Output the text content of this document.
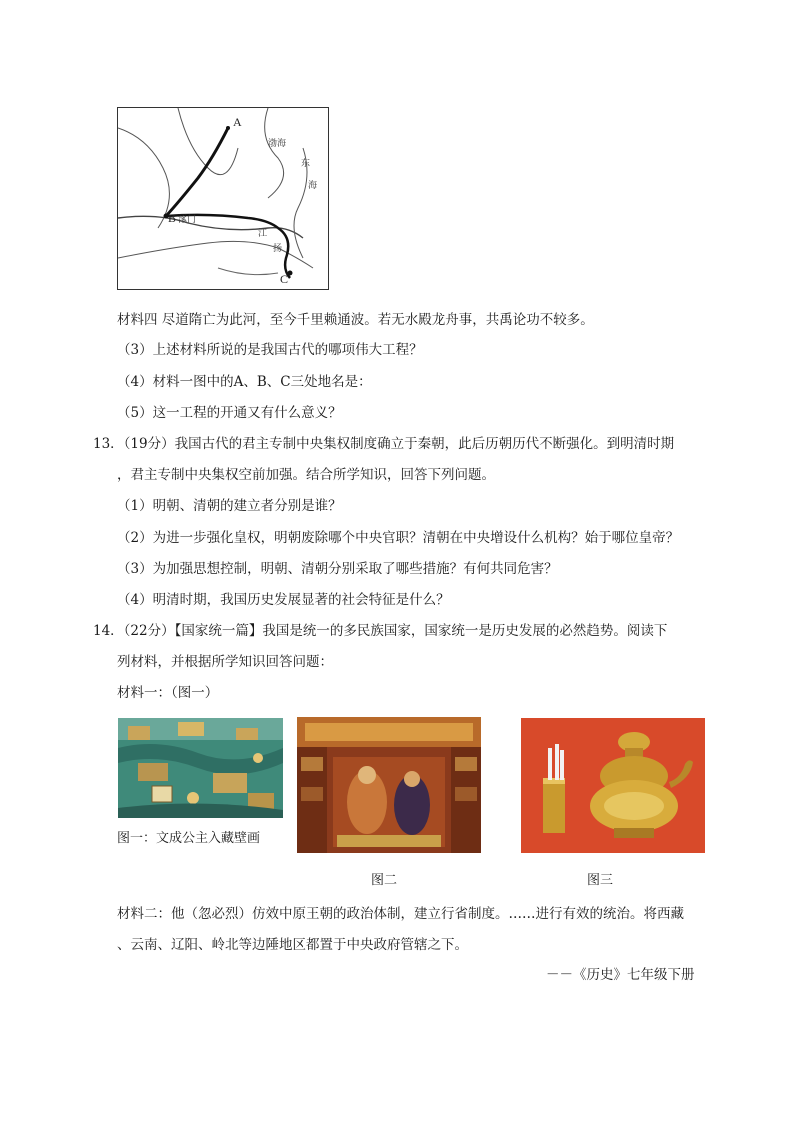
A
渤海
东
海
B 涿门
江
扬
C
材料四 尽道隋亡为此河，至今千里赖通波。若无水殿龙舟事，共禹论功不较多。
（3）上述材料所说的是我国古代的哪项伟大工程？
（4）材料一图中的A、B、C三处地名是：
（5）这一工程的开通又有什么意义？
13．（19分）我国古代的君主专制中央集权制度确立于秦朝，此后历朝历代不断强化。到明清时期
，君主专制中央集权空前加强。结合所学知识，回答下列问题。
（1）明朝、清朝的建立者分别是谁？
（2）为进一步强化皇权，明朝废除哪个中央官职？清朝在中央增设什么机构？始于哪位皇帝？
（3）为加强思想控制，明朝、清朝分别采取了哪些措施？有何共同危害？
（4）明清时期，我国历史发展显著的社会特征是什么？
14．（22分）【国家统一篇】我国是统一的多民族国家，国家统一是历史发展的必然趋势。阅读下
列材料，并根据所学知识回答问题：
材料一：（图一）
图一：文成公主入藏壁画
图二	图三
材料二：他（忽必烈）仿效中原王朝的政治体制，建立行省制度。……进行有效的统治。将西藏
、云南、辽阳、岭北等边陲地区都置于中央政府管辖之下。
－－《历史》七年级下册
